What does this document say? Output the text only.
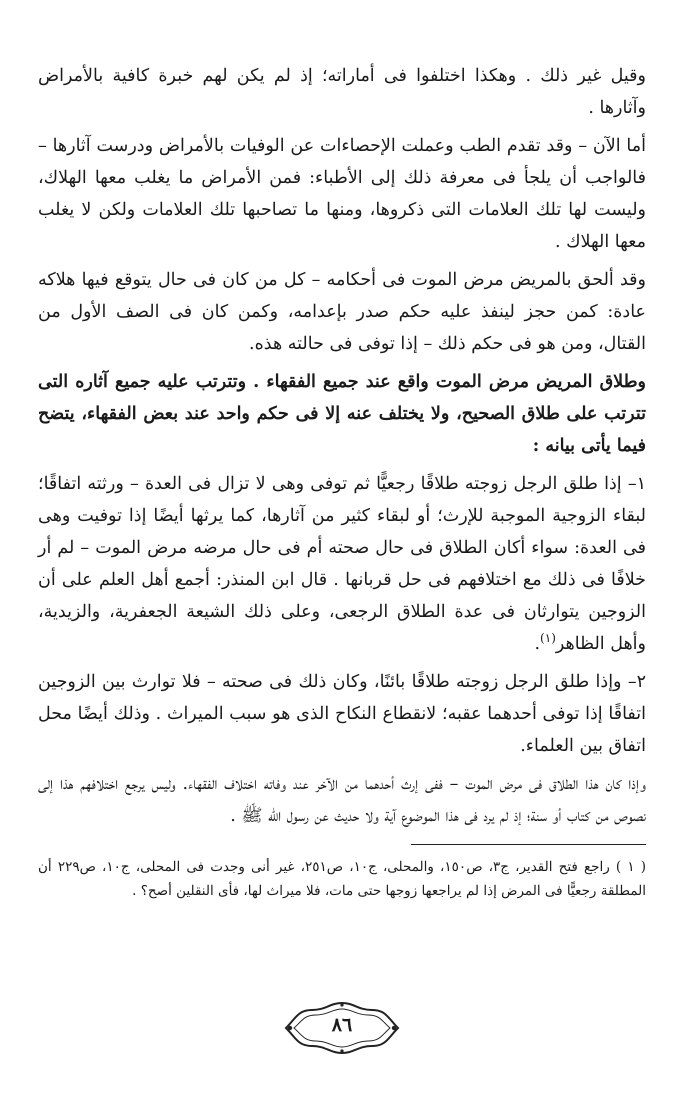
وقيل غير ذلك . وهكذا اختلفوا فى أماراته؛ إذ لم يكن لهم خبرة كافية بالأمراض وآثارها .

أما الآن – وقد تقدم الطب وعملت الإحصاءات عن الوفيات بالأمراض ودرست آثارها – فالواجب أن يلجأ فى معرفة ذلك إلى الأطباء: فمن الأمراض ما يغلب معها الهلاك، وليست لها تلك العلامات التى ذكروها، ومنها ما تصاحبها تلك العلامات ولكن لا يغلب معها الهلاك .

وقد ألحق بالمريض مرض الموت فى أحكامه – كل من كان فى حال يتوقع فيها هلاكه عادة: كمن حجز لينفذ عليه حكم صدر بإعدامه، وكمن كان فى الصف الأول من القتال، ومن هو فى حكم ذلك – إذا توفى فى حالته هذه.

وطلاق المريض مرض الموت واقع عند جميع الفقهاء . وتترتب عليه جميع آثاره التى تترتب على طلاق الصحيح، ولا يختلف عنه إلا فى حكم واحد عند بعض الفقهاء، يتضح فيما يأتى بيانه :

١– إذا طلق الرجل زوجته طلاقًا رجعيًّا ثم توفى وهى لا تزال فى العدة – ورثته اتفاقًا؛ لبقاء الزوجية الموجبة للإرث؛ أو لبقاء كثير من آثارها، كما يرثها أيضًا إذا توفيت وهى فى العدة: سواء أكان الطلاق فى حال صحته أم فى حال مرضه مرض الموت – لم أر خلافًا فى ذلك مع اختلافهم فى حل قربانها . قال ابن المنذر: أجمع أهل العلم على أن الزوجين يتوارثان فى عدة الطلاق الرجعى، وعلى ذلك الشيعة الجعفرية، والزيدية، وأهل الظاهر$^{(١)}$.

٢– وإذا طلق الرجل زوجته طلاقًا بائنًا، وكان ذلك فى صحته – فلا توارث بين الزوجين اتفاقًا إذا توفى أحدهما عقبه؛ لانقطاع النكاح الذى هو سبب الميراث . وذلك أيضًا محل اتفاق بين العلماء.

وإذا كان هذا الطلاق فى مرض الموت – ففى إرث أحدهما من الآخر عند وفاته اختلاف الفقهاء. وليس يرجع اختلافهم هذا إلى نصوص من كتاب أو سنة؛ إذ لم يرد فى هذا الموضوع آية ولا حديث عن رسول الله ﷺ .

( ١ ) راجع فتح القدير، ج٣، ص١٥٠، والمحلى، ج١٠، ص٢٥١، غير أنى وجدت فى المحلى، ج١٠، ص٢٢٩ أن المطلقة رجعيًّا فى المرض إذا لم يراجعها زوجها حتى مات، فلا ميراث لها، فأى النقلين أصح؟ .

٨٦
